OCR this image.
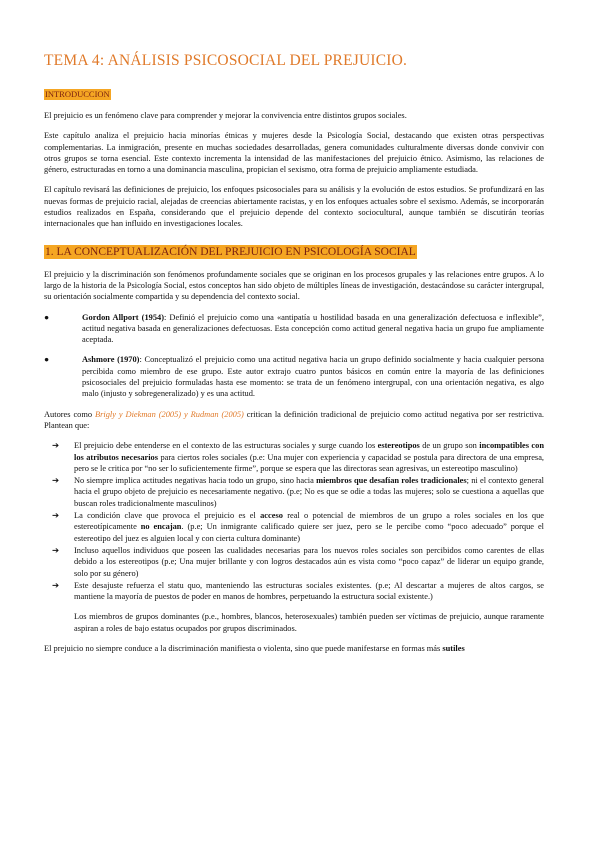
TEMA 4: ANÁLISIS PSICOSOCIAL DEL PREJUICIO.
INTRODUCCION

El prejuicio es un fenómeno clave para comprender y mejorar la convivencia entre distintos grupos sociales.

Este capítulo analiza el prejuicio hacia minorías étnicas y mujeres desde la Psicología Social, destacando que existen otras perspectivas complementarias. La inmigración, presente en muchas sociedades desarrolladas, genera comunidades culturalmente diversas donde convivir con otros grupos se torna esencial. Este contexto incrementa la intensidad de las manifestaciones del prejuicio étnico. Asimismo, las relaciones de género, estructuradas en torno a una dominancia masculina, propician el sexismo, otra forma de prejuicio ampliamente estudiada.

El capítulo revisará las definiciones de prejuicio, los enfoques psicosociales para su análisis y la evolución de estos estudios. Se profundizará en las nuevas formas de prejuicio racial, alejadas de creencias abiertamente racistas, y en los enfoques actuales sobre el sexismo. Además, se incorporarán estudios realizados en España, considerando que el prejuicio depende del contexto sociocultural, aunque también se discutirán teorías internacionales que han influido en investigaciones locales.

1. LA CONCEPTUALIZACIÓN DEL PREJUICIO EN PSICOLOGÍA SOCIAL

El prejuicio y la discriminación son fenómenos profundamente sociales que se originan en los procesos grupales y las relaciones entre grupos. A lo largo de la historia de la Psicología Social, estos conceptos han sido objeto de múltiples líneas de investigación, destacándose su carácter intergrupal, su orientación socialmente compartida y su dependencia del contexto social.

●	Gordon Allport (1954): Definió el prejuicio como una «antipatía u hostilidad basada en una generalización defectuosa e inflexible”, actitud negativa basada en generalizaciones defectuosas. Esta concepción como actitud general negativa hacia un grupo fue ampliamente aceptada.

●	Ashmore (1970): Conceptualizó el prejuicio como una actitud negativa hacia un grupo definido socialmente y hacia cualquier persona percibida como miembro de ese grupo. Este autor extrajo cuatro puntos básicos en común entre la mayoría de las definiciones psicosociales del prejuicio formuladas hasta ese momento: se trata de un fenómeno intergrupal, con una orientación negativa, es algo malo (injusto y sobregeneralizado) y es una actitud.

Autores como Brigly y Diekman (2005) y Rudman (2005) critican la definición tradicional de prejuicio como actitud negativa por ser restrictiva. Plantean que:

➔	El prejuicio debe entenderse en el contexto de las estructuras sociales y surge cuando los estereotipos de un grupo son incompatibles con los atributos necesarios para ciertos roles sociales (p.e: Una mujer con experiencia y capacidad se postula para directora de una empresa, pero se le critica por “no ser lo suficientemente firme”, porque se espera que las directoras sean agresivas, un estereotipo masculino)
➔	No siempre implica actitudes negativas hacia todo un grupo, sino hacia miembros que desafían roles tradicionales; ni el contexto general hacia el grupo objeto de prejuicio es necesariamente negativo. (p.e; No es que se odie a todas las mujeres; solo se cuestiona a aquellas que buscan roles tradicionalmente masculinos)
➔	La condición clave que provoca el prejuicio es el acceso real o potencial de miembros de un grupo a roles sociales en los que estereotípicamente no encajan. (p.e; Un inmigrante calificado quiere ser juez, pero se le percibe como “poco adecuado” porque el estereotipo del juez es alguien local y con cierta cultura dominante)
➔	Incluso aquellos individuos que poseen las cualidades necesarias para los nuevos roles sociales son percibidos como carentes de ellas debido a los estereotipos (p.e; Una mujer brillante y con logros destacados aún es vista como “poco capaz” de liderar un equipo grande, solo por su género)
➔	Este desajuste refuerza el statu quo, manteniendo las estructuras sociales existentes. (p.e; Al descartar a mujeres de altos cargos, se mantiene la mayoría de puestos de poder en manos de hombres, perpetuando la estructura social existente.)
Los miembros de grupos dominantes (p.e., hombres, blancos, heterosexuales) también pueden ser víctimas de prejuicio, aunque raramente aspiran a roles de bajo estatus ocupados por grupos discriminados.

El prejuicio no siempre conduce a la discriminación manifiesta o violenta, sino que puede manifestarse en formas más sutiles
